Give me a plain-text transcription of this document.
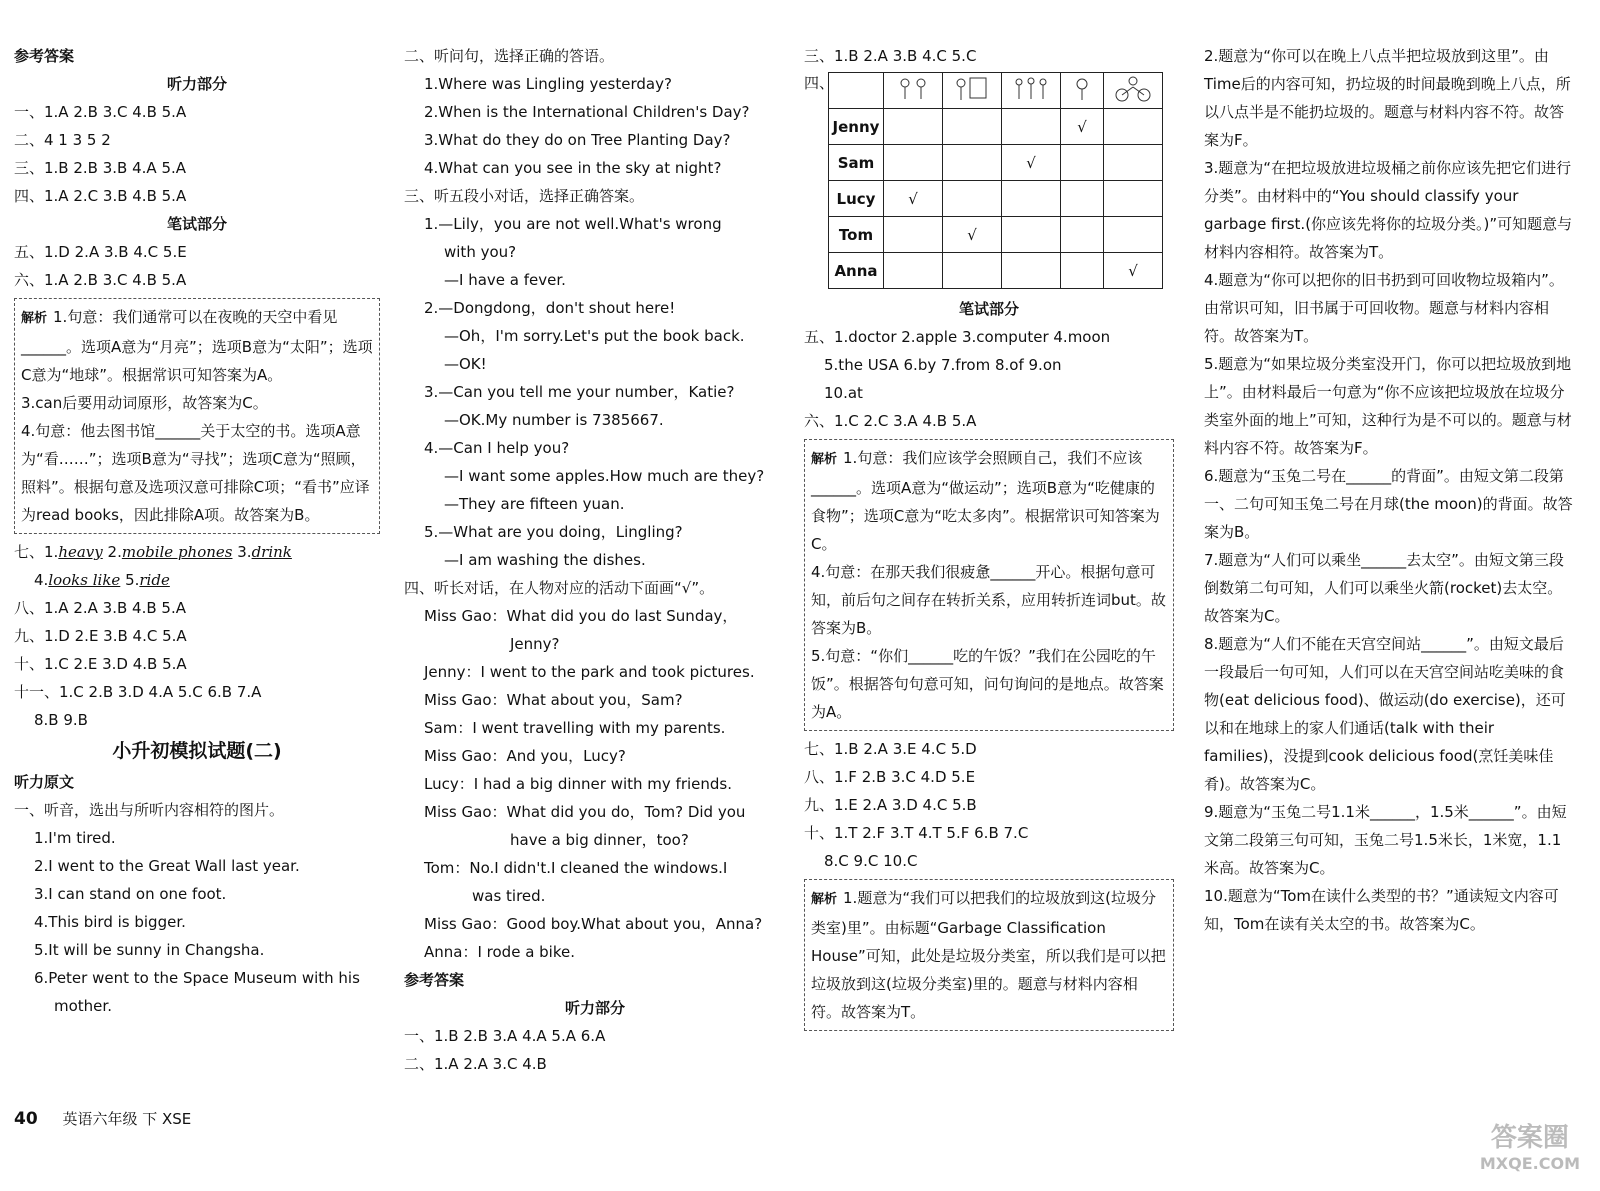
参考答案
听力部分
一、1.A 2.B 3.C 4.B 5.A
二、4 1 3 5 2
三、1.B 2.B 3.B 4.A 5.A
四、1.A 2.C 3.B 4.B 5.A
笔试部分
五、1.D 2.A 3.B 4.C 5.E
六、1.A 2.B 3.C 4.B 5.A
解析 1.句意：我们通常可以在夜晚的天空中看见______。选项A意为“月亮”；选项B意为“太阳”；选项C意为“地球”。根据常识可知答案为A。
3.can后要用动词原形，故答案为C。
4.句意：他去图书馆______关于太空的书。选项A意为“看……”；选项B意为“寻找”；选项C意为“照顾，照料”。根据句意及选项汉意可排除C项；“看书”应译为read books，因此排除A项。故答案为B。
七、1.heavy 2.mobile phones 3.drink
4.looks like 5.ride
八、1.A 2.A 3.B 4.B 5.A
九、1.D 2.E 3.B 4.C 5.A
十、1.C 2.E 3.D 4.B 5.A
十一、1.C 2.B 3.D 4.A 5.C 6.B 7.A
8.B 9.B
小升初模拟试题(二)
听力原文
一、听音，选出与所听内容相符的图片。
1.I'm tired.
2.I went to the Great Wall last year.
3.I can stand on one foot.
4.This bird is bigger.
5.It will be sunny in Changsha.
6.Peter went to the Space Museum with his
mother.
二、听问句，选择正确的答语。
1.Where was Lingling yesterday?
2.When is the International Children's Day?
3.What do they do on Tree Planting Day?
4.What can you see in the sky at night?
三、听五段小对话，选择正确答案。
1.—Lily，you are not well.What's wrong
with you?
—I have a fever.
2.—Dongdong，don't shout here!
—Oh，I'm sorry.Let's put the book back.
—OK!
3.—Can you tell me your number，Katie?
—OK.My number is 7385667.
4.—Can I help you?
—I want some apples.How much are they?
—They are fifteen yuan.
5.—What are you doing，Lingling?
—I am washing the dishes.
四、听长对话，在人物对应的活动下面画“√”。
Miss Gao：What did you do last Sunday，
Jenny?
Jenny：I went to the park and took pictures.
Miss Gao：What about you，Sam?
Sam：I went travelling with my parents.
Miss Gao：And you，Lucy?
Lucy：I had a big dinner with my friends.
Miss Gao：What did you do，Tom? Did you
have a big dinner，too?
Tom：No.I didn't.I cleaned the windows.I
was tired.
Miss Gao：Good boy.What about you，Anna?
Anna：I rode a bike.
参考答案
听力部分
一、1.B 2.B 3.A 4.A 5.A 6.A
二、1.A 2.A 3.C 4.B
三、1.B 2.A 3.B 4.C 5.C
四、

Jenny				√	
Sam			√		
Lucy	√				
Tom		√			
Anna					√
笔试部分
五、1.doctor 2.apple 3.computer 4.moon
5.the USA 6.by 7.from 8.of 9.on
10.at
六、1.C 2.C 3.A 4.B 5.A
解析 1.句意：我们应该学会照顾自己，我们不应该______。选项A意为“做运动”；选项B意为“吃健康的食物”；选项C意为“吃太多肉”。根据常识可知答案为C。
4.句意：在那天我们很疲惫______开心。根据句意可知，前后句之间存在转折关系，应用转折连词but。故答案为B。
5.句意：“你们______吃的午饭？”我们在公园吃的午饭”。根据答句句意可知，问句询问的是地点。故答案为A。
七、1.B 2.A 3.E 4.C 5.D
八、1.F 2.B 3.C 4.D 5.E
九、1.E 2.A 3.D 4.C 5.B
十、1.T 2.F 3.T 4.T 5.F 6.B 7.C
8.C 9.C 10.C
解析 1.题意为“我们可以把我们的垃圾放到这(垃圾分类室)里”。由标题“Garbage Classification House”可知，此处是垃圾分类室，所以我们是可以把垃圾放到这(垃圾分类室)里的。题意与材料内容相符。故答案为T。
2.题意为“你可以在晚上八点半把垃圾放到这里”。由Time后的内容可知，扔垃圾的时间最晚到晚上八点，所以八点半是不能扔垃圾的。题意与材料内容不符。故答案为F。
3.题意为“在把垃圾放进垃圾桶之前你应该先把它们进行分类”。由材料中的“You should classify your garbage first.(你应该先将你的垃圾分类。)”可知题意与材料内容相符。故答案为T。
4.题意为“你可以把你的旧书扔到可回收物垃圾箱内”。由常识可知，旧书属于可回收物。题意与材料内容相符。故答案为T。
5.题意为“如果垃圾分类室没开门，你可以把垃圾放到地上”。由材料最后一句意为“你不应该把垃圾放在垃圾分类室外面的地上”可知，这种行为是不可以的。题意与材料内容不符。故答案为F。
6.题意为“玉兔二号在______的背面”。由短文第二段第一、二句可知玉兔二号在月球(the moon)的背面。故答案为B。
7.题意为“人们可以乘坐______去太空”。由短文第三段倒数第二句可知，人们可以乘坐火箭(rocket)去太空。故答案为C。
8.题意为“人们不能在天宫空间站______”。由短文最后一段最后一句可知，人们可以在天宫空间站吃美味的食物(eat delicious food)、做运动(do exercise)，还可以和在地球上的家人们通话(talk with their families)，没提到cook delicious food(烹饪美味佳肴)。故答案为C。
9.题意为“玉兔二号1.1米______，1.5米______”。由短文第二段第三句可知，玉兔二号1.5米长，1米宽，1.1米高。故答案为C。
10.题意为“Tom在读什么类型的书？”通读短文内容可知，Tom在读有关太空的书。故答案为C。
40 英语六年级 下 XSE
答案圈
MXQE.COM
